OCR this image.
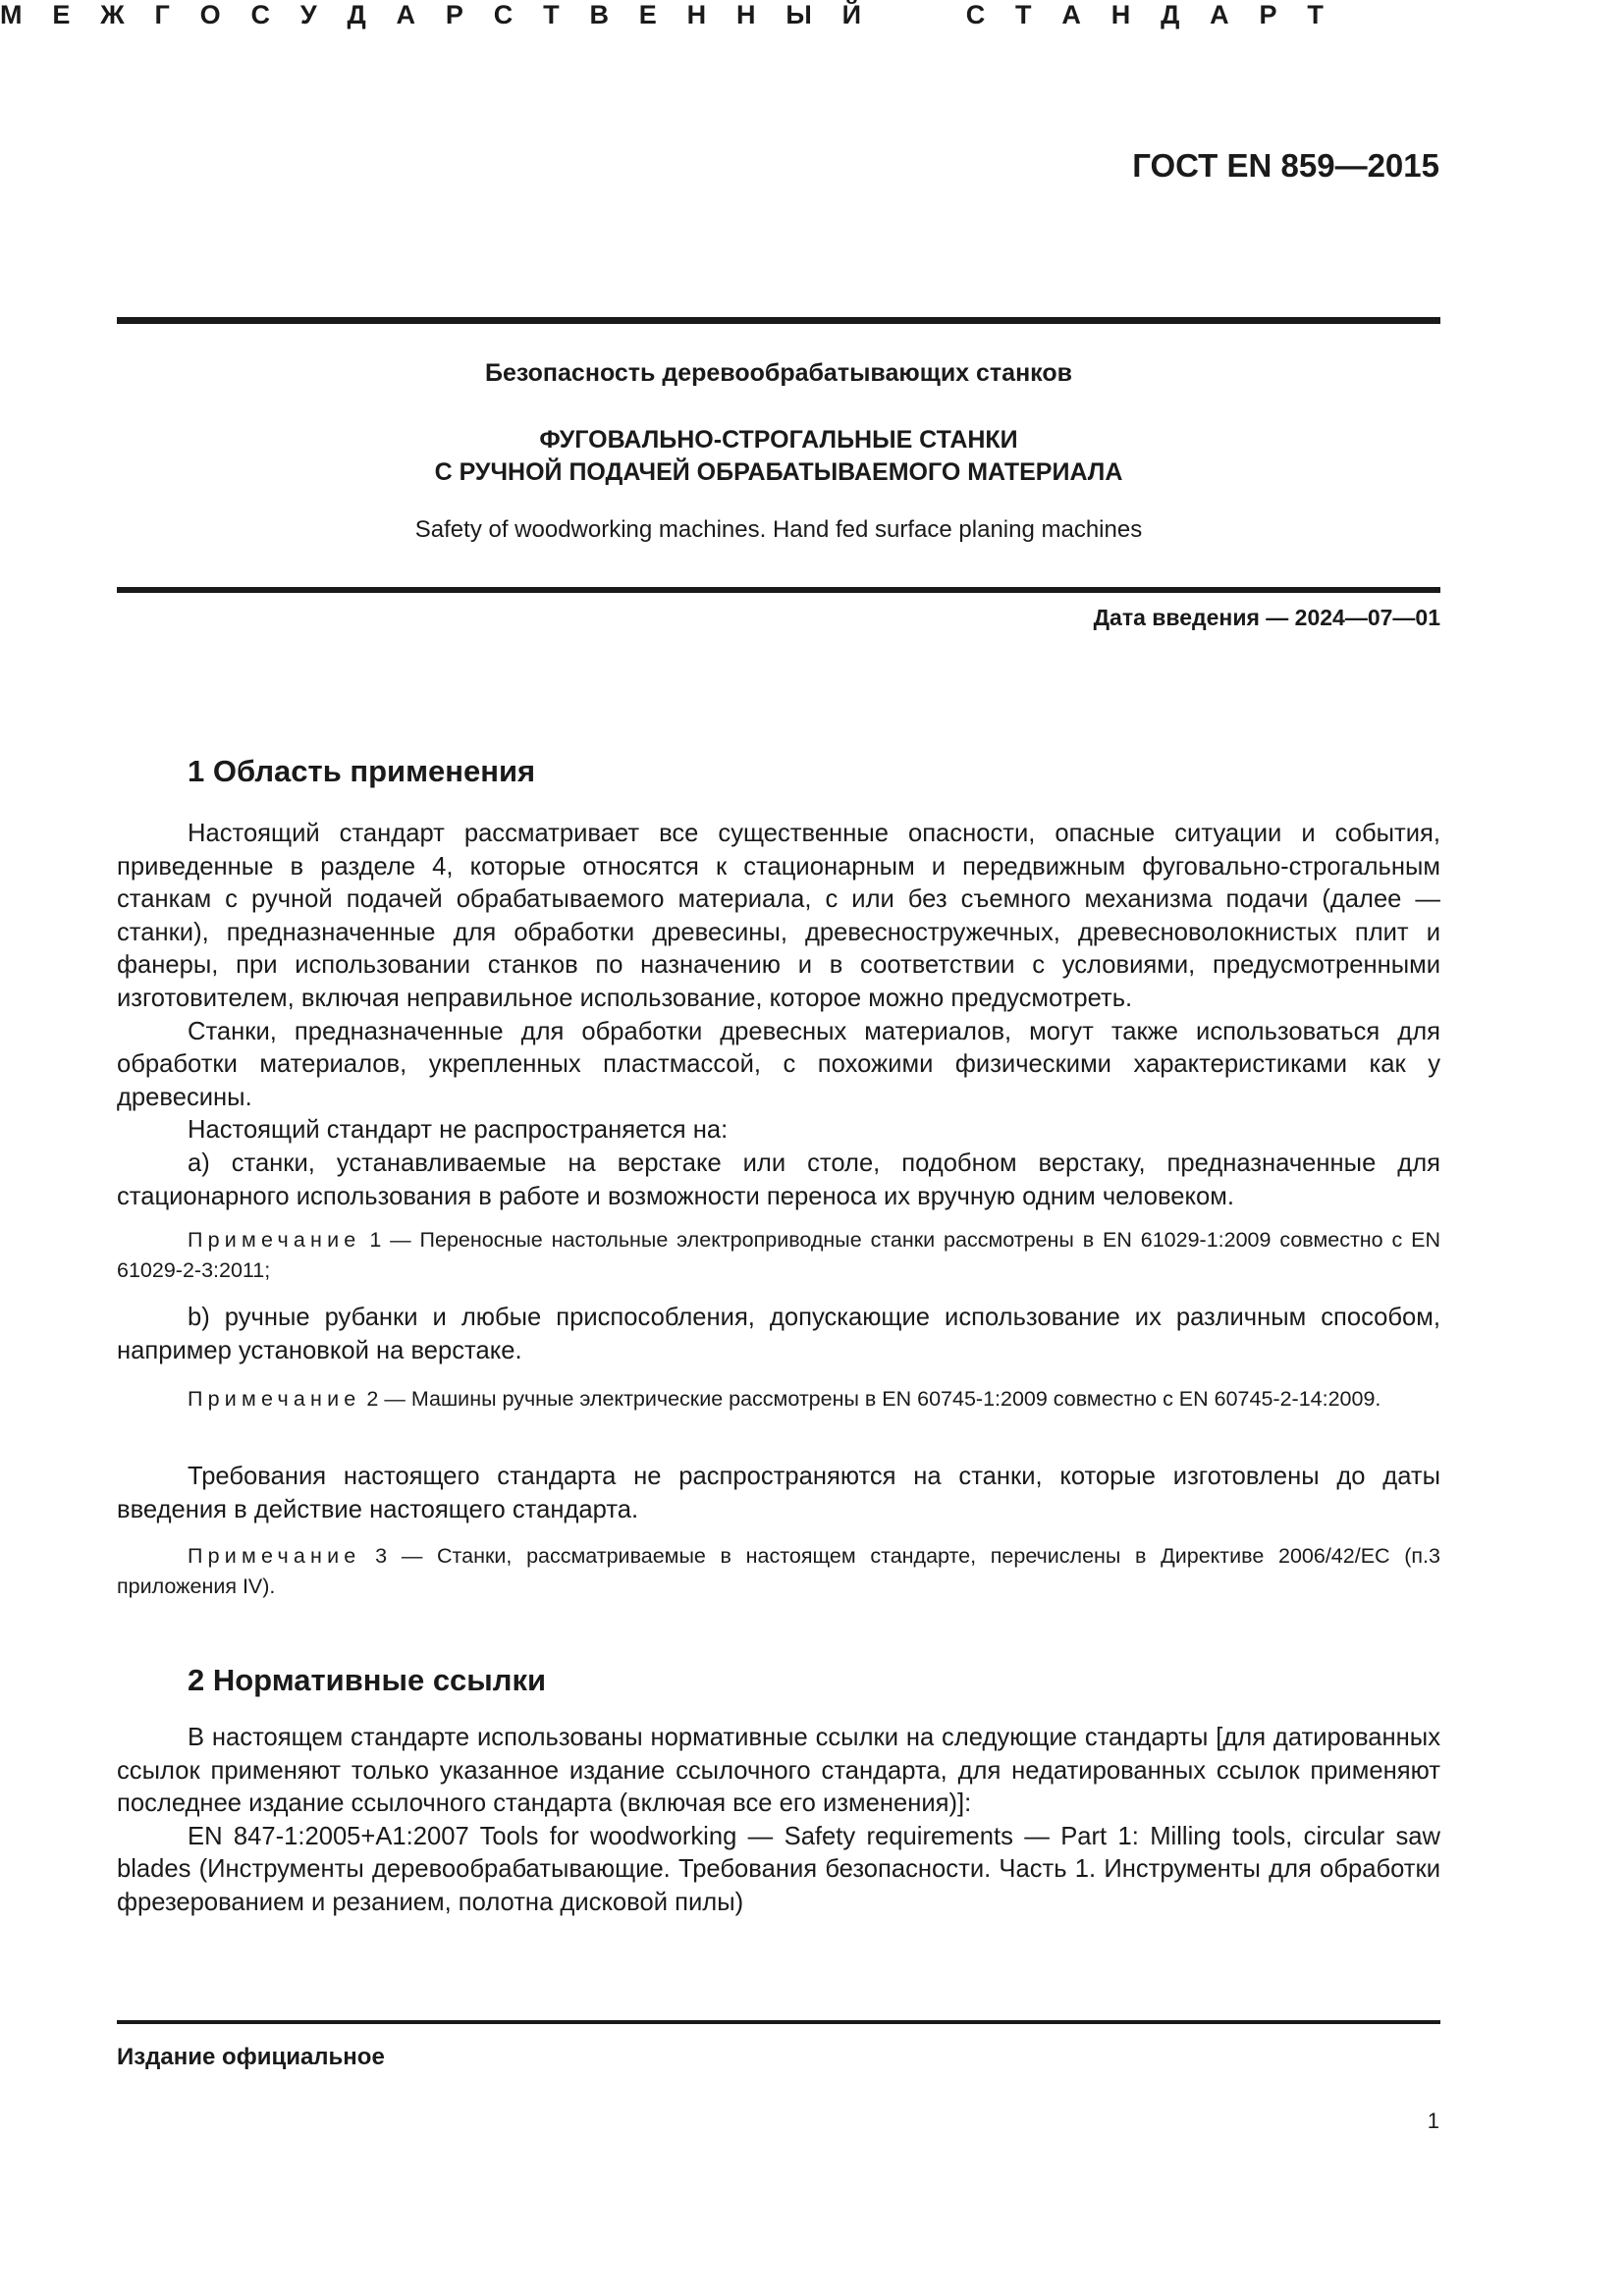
ГОСТ EN 859—2015
М Е Ж Г О С У Д А Р С Т В Е Н Н Ы Й	С Т А Н Д А Р Т
Безопасность деревообрабатывающих станков
ФУГОВАЛЬНО-СТРОГАЛЬНЫЕ СТАНКИ
С РУЧНОЙ ПОДАЧЕЙ ОБРАБАТЫВАЕМОГО МАТЕРИАЛА
Safety of woodworking machines. Hand fed surface planing machines
Дата введения — 2024—07—01
1 Область применения

Настоящий стандарт рассматривает все существенные опасности, опасные ситуации и события, приведенные в разделе 4, которые относятся к стационарным и передвижным фуговально-строгальным станкам с ручной подачей обрабатываемого материала, с или без съемного механизма подачи (далее — станки), предназначенные для обработки древесины, древесностружечных, древесноволокнистых плит и фанеры, при использовании станков по назначению и в соответствии с условиями, предусмотренными изготовителем, включая неправильное использование, которое можно предусмотреть.

Станки, предназначенные для обработки древесных материалов, могут также использоваться для обработки материалов, укрепленных пластмассой, с похожими физическими характеристиками как у древесины.

Настоящий стандарт не распространяется на:

а) станки, устанавливаемые на верстаке или столе, подобном верстаку, предназначенные для стационарного использования в работе и возможности переноса их вручную одним человеком.

Примечание 1 — Переносные настольные электроприводные станки рассмотрены в EN 61029-1:2009 совместно с EN 61029-2-3:2011;

b) ручные рубанки и любые приспособления, допускающие использование их различным способом, например установкой на верстаке.

Примечание 2 — Машины ручные электрические рассмотрены в EN 60745-1:2009 совместно с EN 60745-2-14:2009.

Требования настоящего стандарта не распространяются на станки, которые изготовлены до даты введения в действие настоящего стандарта.

Примечание 3 — Станки, рассматриваемые в настоящем стандарте, перечислены в Директиве 2006/42/ЕС (п.3 приложения IV).

2 Нормативные ссылки

В настоящем стандарте использованы нормативные ссылки на следующие стандарты [для датированных ссылок применяют только указанное издание ссылочного стандарта, для недатированных ссылок применяют последнее издание ссылочного стандарта (включая все его изменения)]:

EN 847-1:2005+A1:2007 Tools for woodworking — Safety requirements — Part 1: Milling tools, circular saw blades (Инструменты деревообрабатывающие. Требования безопасности. Часть 1. Инструменты для обработки фрезерованием и резанием, полотна дисковой пилы)

Издание официальное
1
